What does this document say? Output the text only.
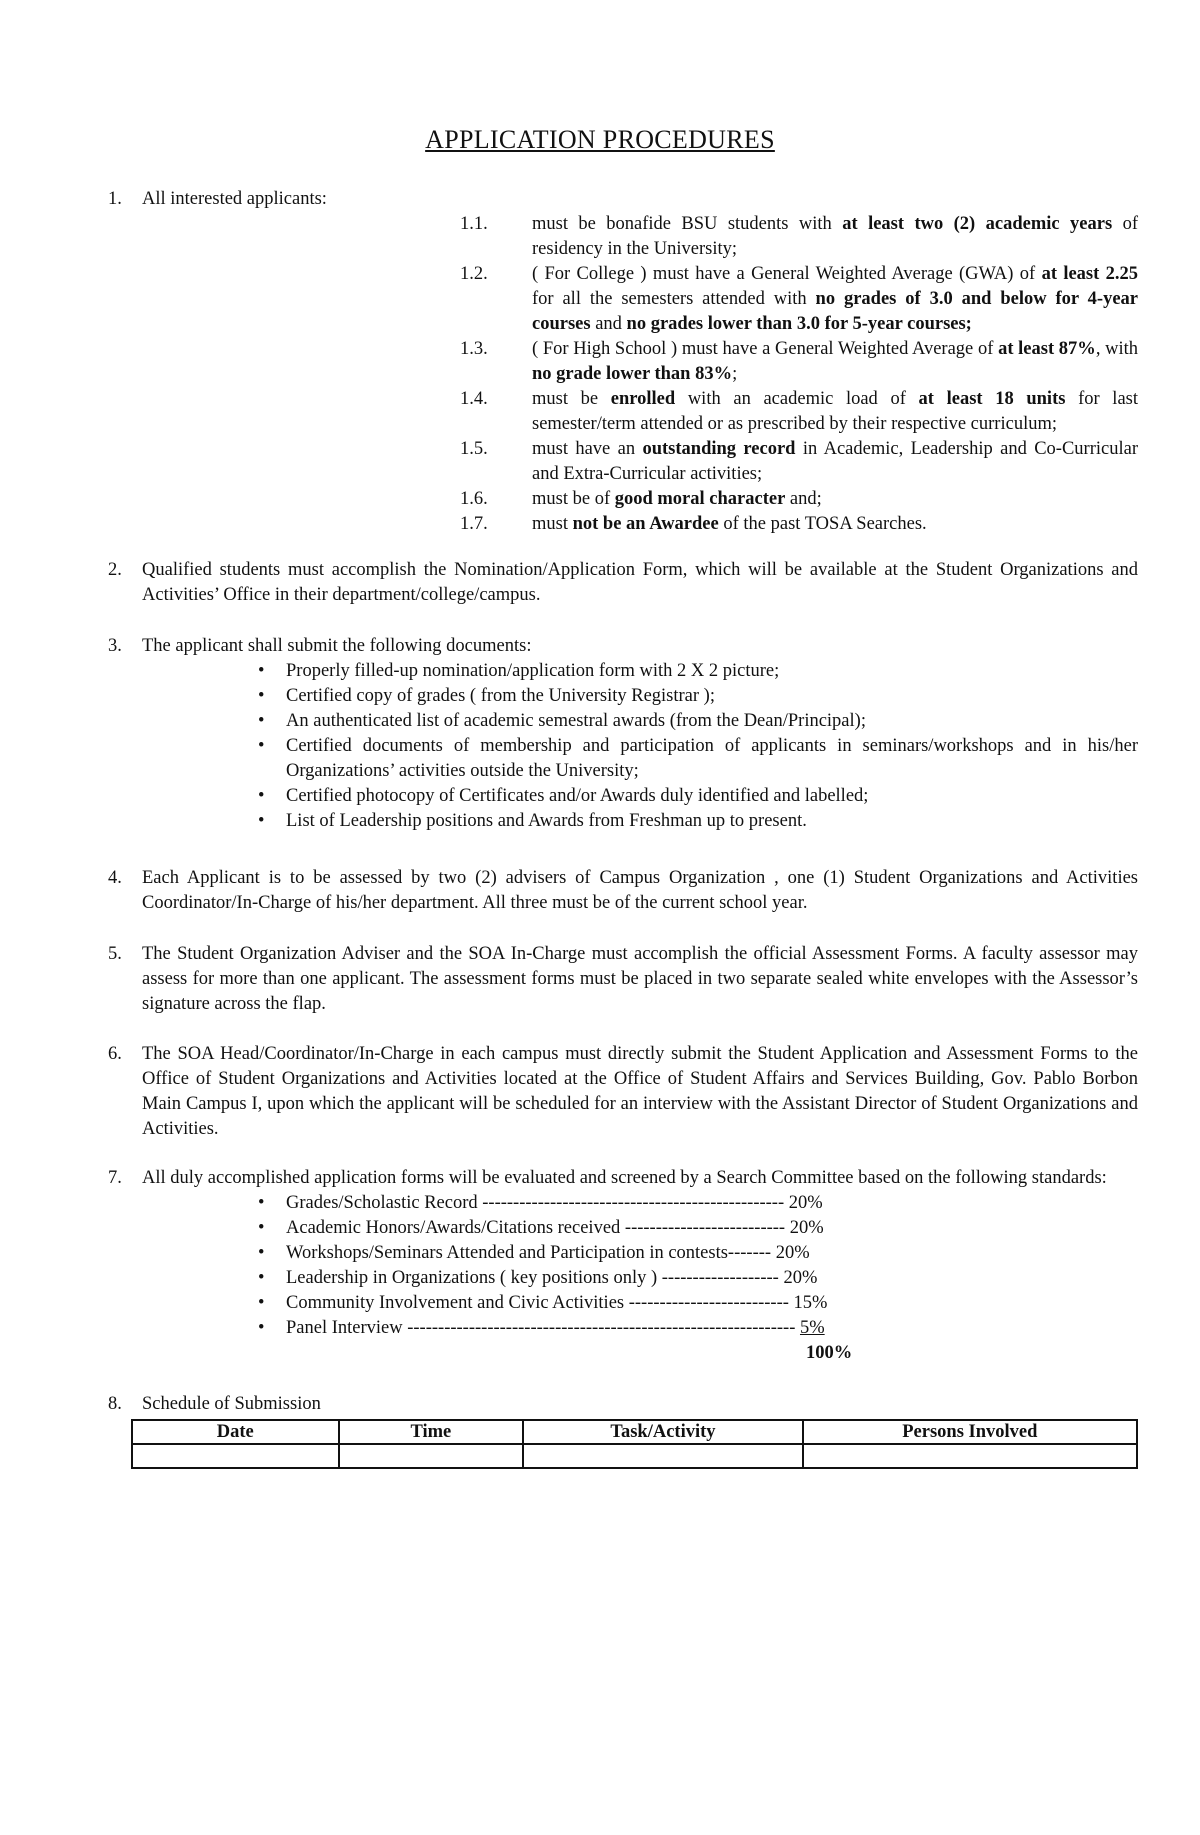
APPLICATION PROCEDURES
1.	All interested applicants:
1.1.	must be bonafide BSU students with at least two (2) academic years of residency in the University;
1.2.	( For College ) must have a General Weighted Average (GWA) of at least 2.25 for all the semesters attended with no grades of 3.0 and below for 4-year courses and no grades lower than 3.0 for 5-year courses;
1.3.	( For High School ) must have a General Weighted Average of at least 87%, with no grade lower than 83%;
1.4.	must be enrolled with an academic load of at least 18 units for last semester/term attended or as prescribed by their respective curriculum;
1.5.	must have an outstanding record in Academic, Leadership and Co-Curricular and Extra-Curricular activities;
1.6.	must be of good moral character and;
1.7.	must not be an Awardee of the past TOSA Searches.
2.	Qualified students must accomplish the Nomination/Application Form, which will be available at the Student Organizations and Activities’ Office in their department/college/campus.
3.	The applicant shall submit the following documents:
• Properly filled-up nomination/application form with 2 X 2 picture;
• Certified copy of grades ( from the University Registrar );
• An authenticated list of academic semestral awards (from the Dean/Principal);
• Certified documents of membership and participation of applicants in seminars/workshops and in his/her Organizations’ activities outside the University;
• Certified photocopy of Certificates and/or Awards duly identified and labelled;
• List of Leadership positions and Awards from Freshman up to present.
4.	Each Applicant is to be assessed by two (2) advisers of Campus Organization , one (1) Student Organizations and Activities Coordinator/In-Charge of his/her department. All three must be of the current school year.
5.	The Student Organization Adviser and the SOA In-Charge must accomplish the official Assessment Forms. A faculty assessor may assess for more than one applicant. The assessment forms must be placed in two separate sealed white envelopes with the Assessor’s signature across the flap.
6.	The SOA Head/Coordinator/In-Charge in each campus must directly submit the Student Application and Assessment Forms to the Office of Student Organizations and Activities located at the Office of Student Affairs and Services Building, Gov. Pablo Borbon Main Campus I, upon which the applicant will be scheduled for an interview with the Assistant Director of Student Organizations and Activities.
7.	All duly accomplished application forms will be evaluated and screened by a Search Committee based on the following standards:
• Grades/Scholastic Record ------------------------------------------------- 20%
• Academic Honors/Awards/Citations received -------------------------- 20%
• Workshops/Seminars Attended and Participation in contests------- 20%
• Leadership in Organizations ( key positions only ) ------------------- 20%
• Community Involvement and Civic Activities -------------------------- 15%
• Panel Interview --------------------------------------------------------------- 5%
100%
8.	Schedule of Submission
Date	Time	Task/Activity	Persons Involved
